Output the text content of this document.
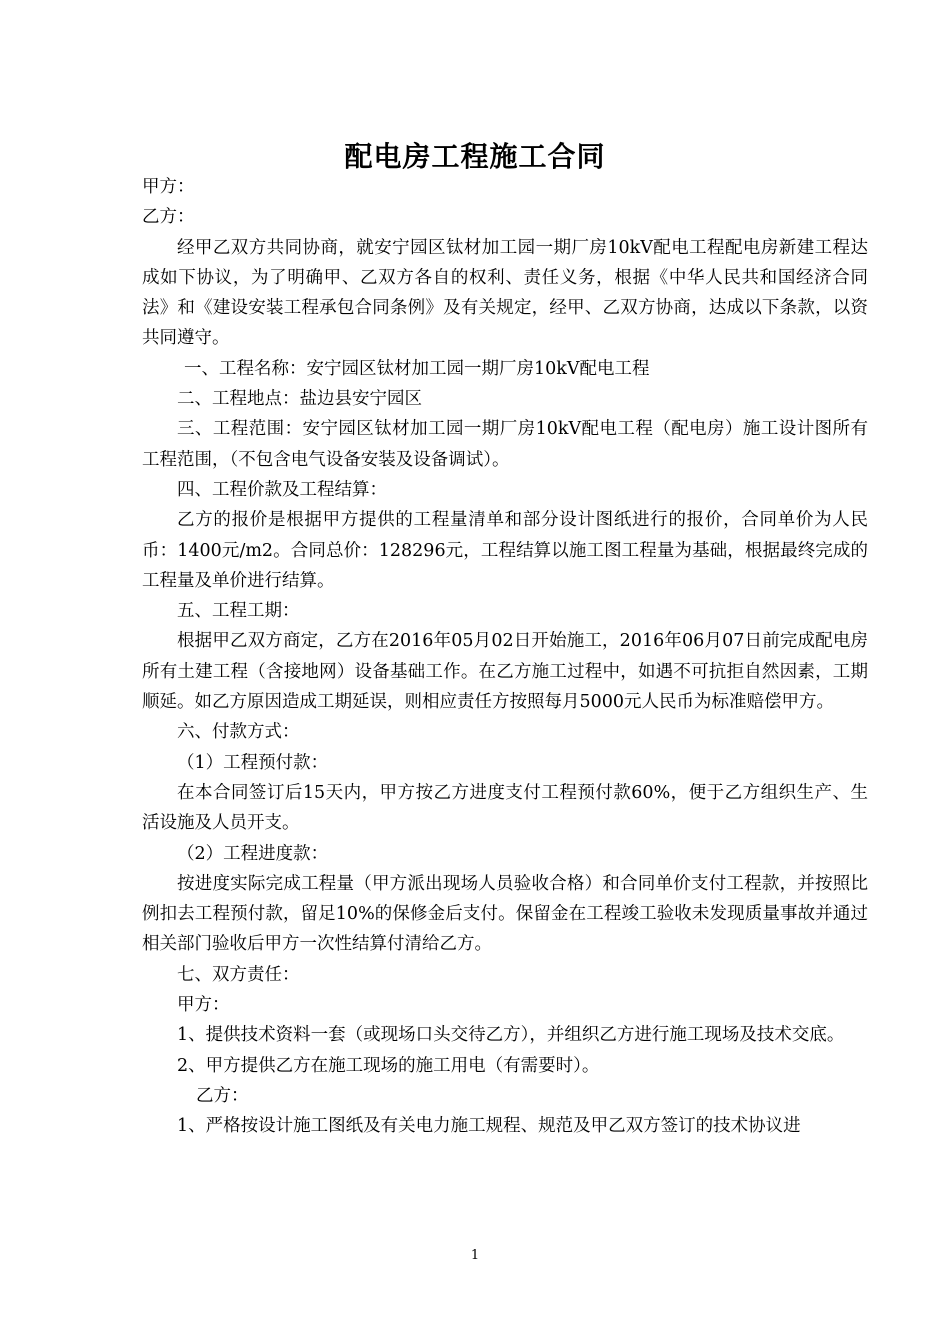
配电房工程施工合同

甲方：

乙方：

经甲乙双方共同协商，就安宁园区钛材加工园一期厂房10kV配电工程配电房新建工程达成如下协议，为了明确甲、乙双方各自的权利、责任义务，根据《中华人民共和国经济合同法》和《建设安装工程承包合同条例》及有关规定，经甲、乙双方协商，达成以下条款，以资共同遵守。

一、工程名称：安宁园区钛材加工园一期厂房10kV配电工程

二、工程地点：盐边县安宁园区

三、工程范围：安宁园区钛材加工园一期厂房10kV配电工程（配电房）施工设计图所有工程范围，（不包含电气设备安装及设备调试）。

四、工程价款及工程结算：

乙方的报价是根据甲方提供的工程量清单和部分设计图纸进行的报价，合同单价为人民币：1400元/m2。合同总价：128296元，工程结算以施工图工程量为基础，根据最终完成的工程量及单价进行结算。

五、工程工期：

根据甲乙双方商定，乙方在2016年05月02日开始施工，2016年06月07日前完成配电房所有土建工程（含接地网）设备基础工作。在乙方施工过程中，如遇不可抗拒自然因素，工期顺延。如乙方原因造成工期延误，则相应责任方按照每月5000元人民币为标准赔偿甲方。

六、付款方式：

（1）工程预付款：

在本合同签订后15天内，甲方按乙方进度支付工程预付款60%，便于乙方组织生产、生活设施及人员开支。

（2）工程进度款：

按进度实际完成工程量（甲方派出现场人员验收合格）和合同单价支付工程款，并按照比例扣去工程预付款，留足10%的保修金后支付。保留金在工程竣工验收未发现质量事故并通过相关部门验收后甲方一次性结算付清给乙方。

七、双方责任：

甲方：

1、提供技术资料一套（或现场口头交待乙方），并组织乙方进行施工现场及技术交底。

2、甲方提供乙方在施工现场的施工用电（有需要时）。

乙方：

1、严格按设计施工图纸及有关电力施工规程、规范及甲乙双方签订的技术协议进

1
